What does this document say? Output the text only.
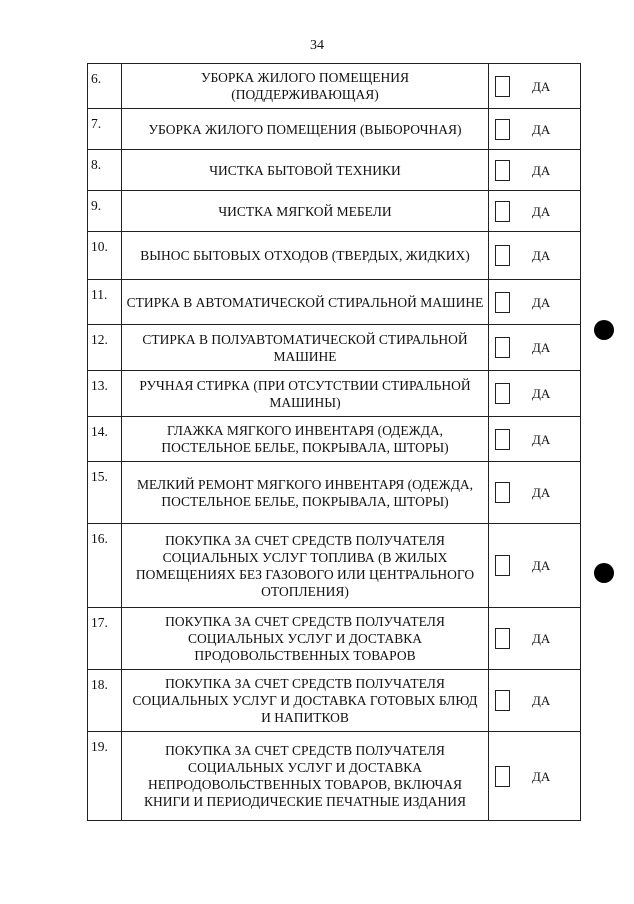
34
6.	УБОРКА ЖИЛОГО ПОМЕЩЕНИЯ (ПОДДЕРЖИВАЮЩАЯ)	ДА

7.	УБОРКА ЖИЛОГО ПОМЕЩЕНИЯ (ВЫБОРОЧНАЯ)	ДА

8.	ЧИСТКА БЫТОВОЙ ТЕХНИКИ	ДА

9.	ЧИСТКА МЯГКОЙ МЕБЕЛИ	ДА

10.	ВЫНОС БЫТОВЫХ ОТХОДОВ (ТВЕРДЫХ, ЖИДКИХ)	ДА

11.	СТИРКА В АВТОМАТИЧЕСКОЙ СТИРАЛЬНОЙ МАШИНЕ	ДА

12.	СТИРКА В ПОЛУАВТОМАТИЧЕСКОЙ СТИРАЛЬНОЙ МАШИНЕ	ДА

13.	РУЧНАЯ СТИРКА (ПРИ ОТСУТСТВИИ СТИРАЛЬНОЙ МАШИНЫ)	ДА

14.	ГЛАЖКА МЯГКОГО ИНВЕНТАРЯ (ОДЕЖДА, ПОСТЕЛЬНОЕ БЕЛЬЕ, ПОКРЫВАЛА, ШТОРЫ)	ДА

15.	МЕЛКИЙ РЕМОНТ МЯГКОГО ИНВЕНТАРЯ (ОДЕЖДА, ПОСТЕЛЬНОЕ БЕЛЬЕ, ПОКРЫВАЛА, ШТОРЫ)	ДА

16.	ПОКУПКА ЗА СЧЕТ СРЕДСТВ ПОЛУЧАТЕЛЯ СОЦИАЛЬНЫХ УСЛУГ ТОПЛИВА (В ЖИЛЫХ ПОМЕЩЕНИЯХ БЕЗ ГАЗОВОГО ИЛИ ЦЕНТРАЛЬНОГО ОТОПЛЕНИЯ)	ДА

17.	ПОКУПКА ЗА СЧЕТ СРЕДСТВ ПОЛУЧАТЕЛЯ СОЦИАЛЬНЫХ УСЛУГ И ДОСТАВКА ПРОДОВОЛЬСТВЕННЫХ ТОВАРОВ	ДА

18.	ПОКУПКА ЗА СЧЕТ СРЕДСТВ ПОЛУЧАТЕЛЯ СОЦИАЛЬНЫХ УСЛУГ И ДОСТАВКА ГОТОВЫХ БЛЮД И НАПИТКОВ	ДА

19.	ПОКУПКА ЗА СЧЕТ СРЕДСТВ ПОЛУЧАТЕЛЯ СОЦИАЛЬНЫХ УСЛУГ И ДОСТАВКА НЕПРОДОВОЛЬСТВЕННЫХ ТОВАРОВ, ВКЛЮЧАЯ КНИГИ И ПЕРИОДИЧЕСКИЕ ПЕЧАТНЫЕ ИЗДАНИЯ	ДА
